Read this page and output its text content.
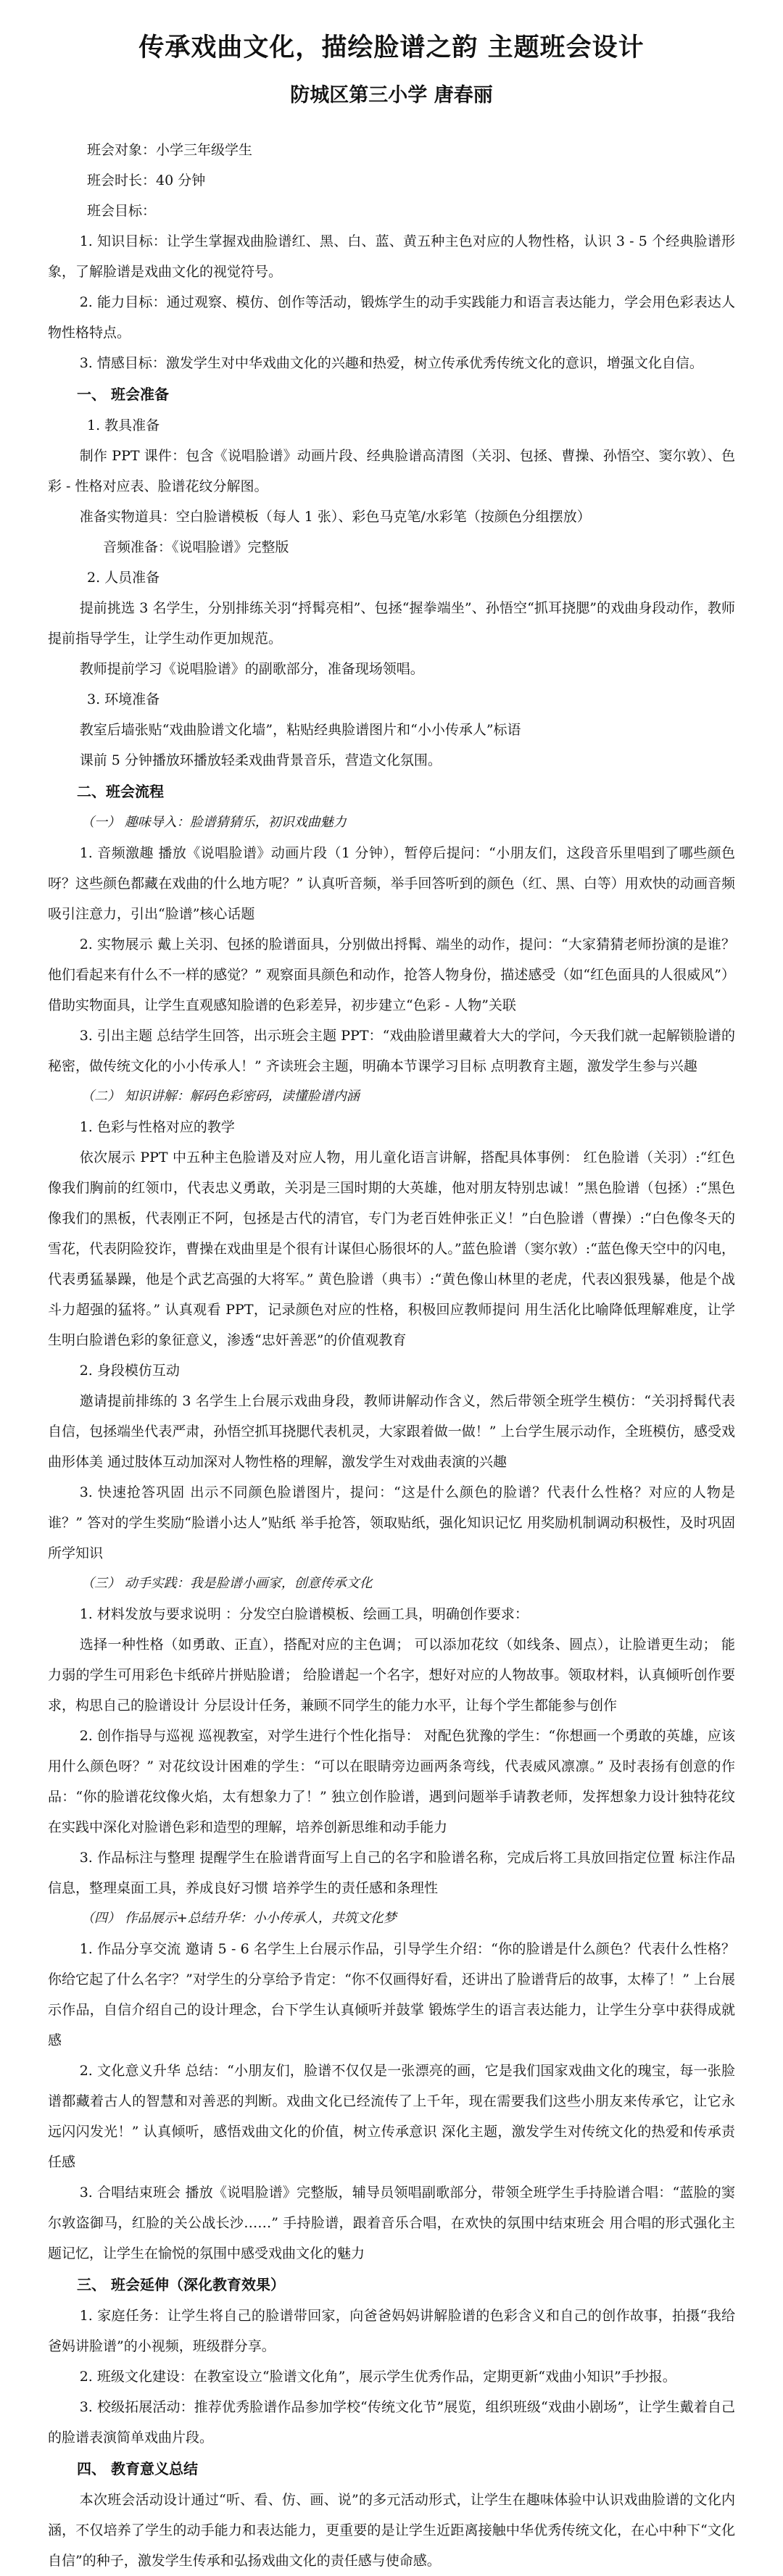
传承戏曲文化，描绘脸谱之韵 主题班会设计
防城区第三小学 唐春丽
班会对象：小学三年级学生
班会时长：40 分钟
班会目标：

1. 知识目标：让学生掌握戏曲脸谱红、黑、白、蓝、黄五种主色对应的人物性格，认识 3 - 5 个经典脸谱形象，了解脸谱是戏曲文化的视觉符号。

2. 能力目标：通过观察、模仿、创作等活动，锻炼学生的动手实践能力和语言表达能力，学会用色彩表达人物性格特点。

3. 情感目标：激发学生对中华戏曲文化的兴趣和热爱，树立传承优秀传统文化的意识，增强文化自信。

一、 班会准备
1. 教具准备

制作 PPT 课件：包含《说唱脸谱》动画片段、经典脸谱高清图（关羽、包拯、曹操、孙悟空、窦尔敦）、色彩 - 性格对应表、脸谱花纹分解图。

准备实物道具：空白脸谱模板（每人 1 张）、彩色马克笔/水彩笔（按颜色分组摆放）

音频准备：《说唱脸谱》完整版

2. 人员准备

提前挑选 3 名学生，分别排练关羽“捋髯亮相”、包拯“握拳端坐”、孙悟空“抓耳挠腮”的戏曲身段动作，教师提前指导学生，让学生动作更加规范。

教师提前学习《说唱脸谱》的副歌部分，准备现场领唱。

3. 环境准备

教室后墙张贴“戏曲脸谱文化墙”，粘贴经典脸谱图片和“小小传承人”标语

课前 5 分钟播放环播放轻柔戏曲背景音乐，营造文化氛围。

二、班会流程
（一） 趣味导入：脸谱猜猜乐，初识戏曲魅力

1. 音频激趣 播放《说唱脸谱》动画片段（1 分钟），暂停后提问：“小朋友们，这段音乐里唱到了哪些颜色呀？这些颜色都藏在戏曲的什么地方呢？” 认真听音频，举手回答听到的颜色（红、黑、白等）用欢快的动画音频吸引注意力，引出“脸谱”核心话题

2. 实物展示 戴上关羽、包拯的脸谱面具，分别做出捋髯、端坐的动作，提问：“大家猜猜老师扮演的是谁？他们看起来有什么不一样的感觉？” 观察面具颜色和动作，抢答人物身份，描述感受（如“红色面具的人很威风”） 借助实物面具，让学生直观感知脸谱的色彩差异，初步建立“色彩 - 人物”关联

3. 引出主题 总结学生回答，出示班会主题 PPT：“戏曲脸谱里藏着大大的学问，今天我们就一起解锁脸谱的秘密，做传统文化的小小传承人！” 齐读班会主题，明确本节课学习目标 点明教育主题，激发学生参与兴趣

（二） 知识讲解：解码色彩密码，读懂脸谱内涵

1. 色彩与性格对应的教学

依次展示 PPT 中五种主色脸谱及对应人物，用儿童化语言讲解，搭配具体事例： 红色脸谱（关羽）:“红色像我们胸前的红领巾，代表忠义勇敢，关羽是三国时期的大英雄，他对朋友特别忠诚！”黑色脸谱（包拯）:“黑色像我们的黑板，代表刚正不阿，包拯是古代的清官，专门为老百姓伸张正义！”白色脸谱（曹操）:“白色像冬天的雪花，代表阴险狡诈，曹操在戏曲里是个很有计谋但心肠很坏的人。”蓝色脸谱（窦尔敦）:“蓝色像天空中的闪电，代表勇猛暴躁，他是个武艺高强的大将军。” 黄色脸谱（典韦）:“黄色像山林里的老虎，代表凶狠残暴，他是个战斗力超强的猛将。” 认真观看 PPT，记录颜色对应的性格，积极回应教师提问 用生活化比喻降低理解难度，让学生明白脸谱色彩的象征意义，渗透“忠奸善恶”的价值观教育

2. 身段模仿互动

邀请提前排练的 3 名学生上台展示戏曲身段，教师讲解动作含义，然后带领全班学生模仿：“关羽捋髯代表自信，包拯端坐代表严肃，孙悟空抓耳挠腮代表机灵，大家跟着做一做！” 上台学生展示动作，全班模仿，感受戏曲形体美 通过肢体互动加深对人物性格的理解，激发学生对戏曲表演的兴趣

3. 快速抢答巩固 出示不同颜色脸谱图片，提问：“这是什么颜色的脸谱？代表什么性格？对应的人物是谁？” 答对的学生奖励“脸谱小达人”贴纸 举手抢答，领取贴纸，强化知识记忆 用奖励机制调动积极性，及时巩固所学知识

（三） 动手实践：我是脸谱小画家，创意传承文化

1. 材料发放与要求说明 ：分发空白脸谱模板、绘画工具，明确创作要求：

选择一种性格（如勇敢、正直），搭配对应的主色调； 可以添加花纹（如线条、圆点），让脸谱更生动； 能力弱的学生可用彩色卡纸碎片拼贴脸谱； 给脸谱起一个名字，想好对应的人物故事。领取材料，认真倾听创作要求，构思自己的脸谱设计 分层设计任务，兼顾不同学生的能力水平，让每个学生都能参与创作

2. 创作指导与巡视 巡视教室，对学生进行个性化指导： 对配色犹豫的学生：“你想画一个勇敢的英雄，应该用什么颜色呀？” 对花纹设计困难的学生：“可以在眼睛旁边画两条弯线，代表威风凛凛。” 及时表扬有创意的作品：“你的脸谱花纹像火焰，太有想象力了！” 独立创作脸谱，遇到问题举手请教老师，发挥想象力设计独特花纹 在实践中深化对脸谱色彩和造型的理解，培养创新思维和动手能力

3. 作品标注与整理 提醒学生在脸谱背面写上自己的名字和脸谱名称，完成后将工具放回指定位置 标注作品信息，整理桌面工具，养成良好习惯 培养学生的责任感和条理性

（四） 作品展示+总结升华：小小传承人，共筑文化梦

1. 作品分享交流 邀请 5 - 6 名学生上台展示作品，引导学生介绍：“你的脸谱是什么颜色？代表什么性格？你给它起了什么名字？”对学生的分享给予肯定：“你不仅画得好看，还讲出了脸谱背后的故事，太棒了！” 上台展示作品，自信介绍自己的设计理念，台下学生认真倾听并鼓掌 锻炼学生的语言表达能力，让学生分享中获得成就感

2. 文化意义升华 总结：“小朋友们，脸谱不仅仅是一张漂亮的画，它是我们国家戏曲文化的瑰宝，每一张脸谱都藏着古人的智慧和对善恶的判断。戏曲文化已经流传了上千年，现在需要我们这些小朋友来传承它，让它永远闪闪发光！” 认真倾听，感悟戏曲文化的价值，树立传承意识 深化主题，激发学生对传统文化的热爱和传承责任感

3. 合唱结束班会 播放《说唱脸谱》完整版，辅导员领唱副歌部分，带领全班学生手持脸谱合唱：“蓝脸的窦尔敦盗御马，红脸的关公战长沙……” 手持脸谱，跟着音乐合唱，在欢快的氛围中结束班会 用合唱的形式强化主题记忆，让学生在愉悦的氛围中感受戏曲文化的魅力

三、 班会延伸（深化教育效果）

1. 家庭任务：让学生将自己的脸谱带回家，向爸爸妈妈讲解脸谱的色彩含义和自己的创作故事，拍摄“我给爸妈讲脸谱”的小视频，班级群分享。

2. 班级文化建设：在教室设立“脸谱文化角”，展示学生优秀作品，定期更新“戏曲小知识”手抄报。

3. 校级拓展活动：推荐优秀脸谱作品参加学校“传统文化节”展览，组织班级“戏曲小剧场”，让学生戴着自己的脸谱表演简单戏曲片段。

四、 教育意义总结

本次班会活动设计通过“听、看、仿、画、说”的多元活动形式，让学生在趣味体验中认识戏曲脸谱的文化内涵，不仅培养了学生的动手能力和表达能力，更重要的是让学生近距离接触中华优秀传统文化，在心中种下“文化自信”的种子，激发学生传承和弘扬戏曲文化的责任感与使命感。
